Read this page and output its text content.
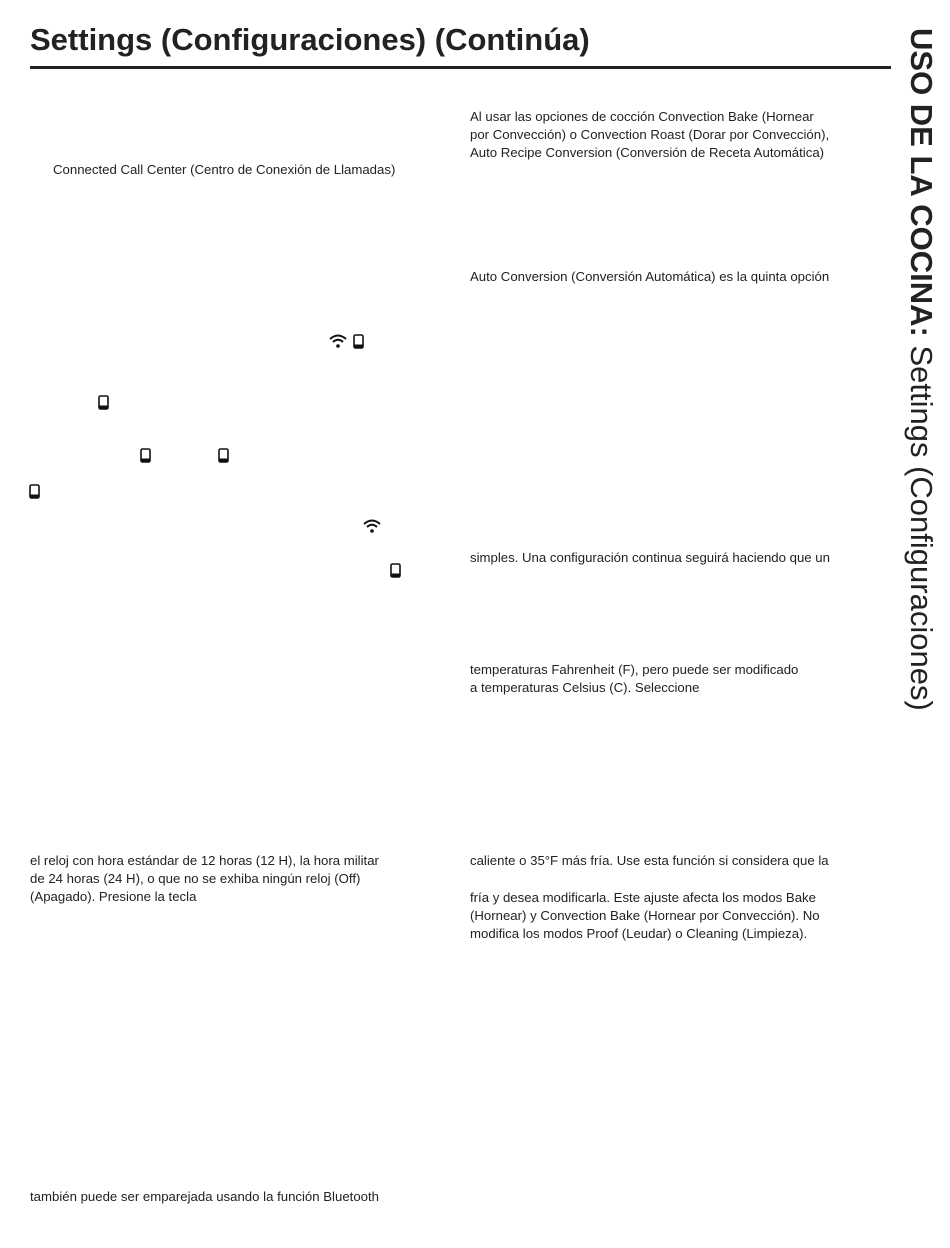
Settings (Configuraciones) (Continúa)	USO DE LA COCINA: Settings (Configuraciones)
Connected Call Center (Centro de Conexión de Llamadas)
el reloj con hora estándar de 12 horas (12 H), la hora militar
de 24 horas (24 H), o que no se exhiba ningún reloj (Off)
(Apagado). Presione la tecla
también puede ser emparejada usando la función Bluetooth
Al usar las opciones de cocción Convection Bake (Hornear
por Convección) o Convection Roast (Dorar por Convección),
Auto Recipe Conversion (Conversión de Receta Automática)
Auto Conversion (Conversión Automática) es la quinta opción
simples. Una configuración continua seguirá haciendo que un
temperaturas Fahrenheit (F), pero puede ser modificado
a temperaturas Celsius (C). Seleccione
caliente o 35°F más fría. Use esta función si considera que la
fría y desea modificarla. Este ajuste afecta los modos Bake
(Hornear) y Convection Bake (Hornear por Convección). No
modifica los modos Proof (Leudar) o Cleaning (Limpieza).
